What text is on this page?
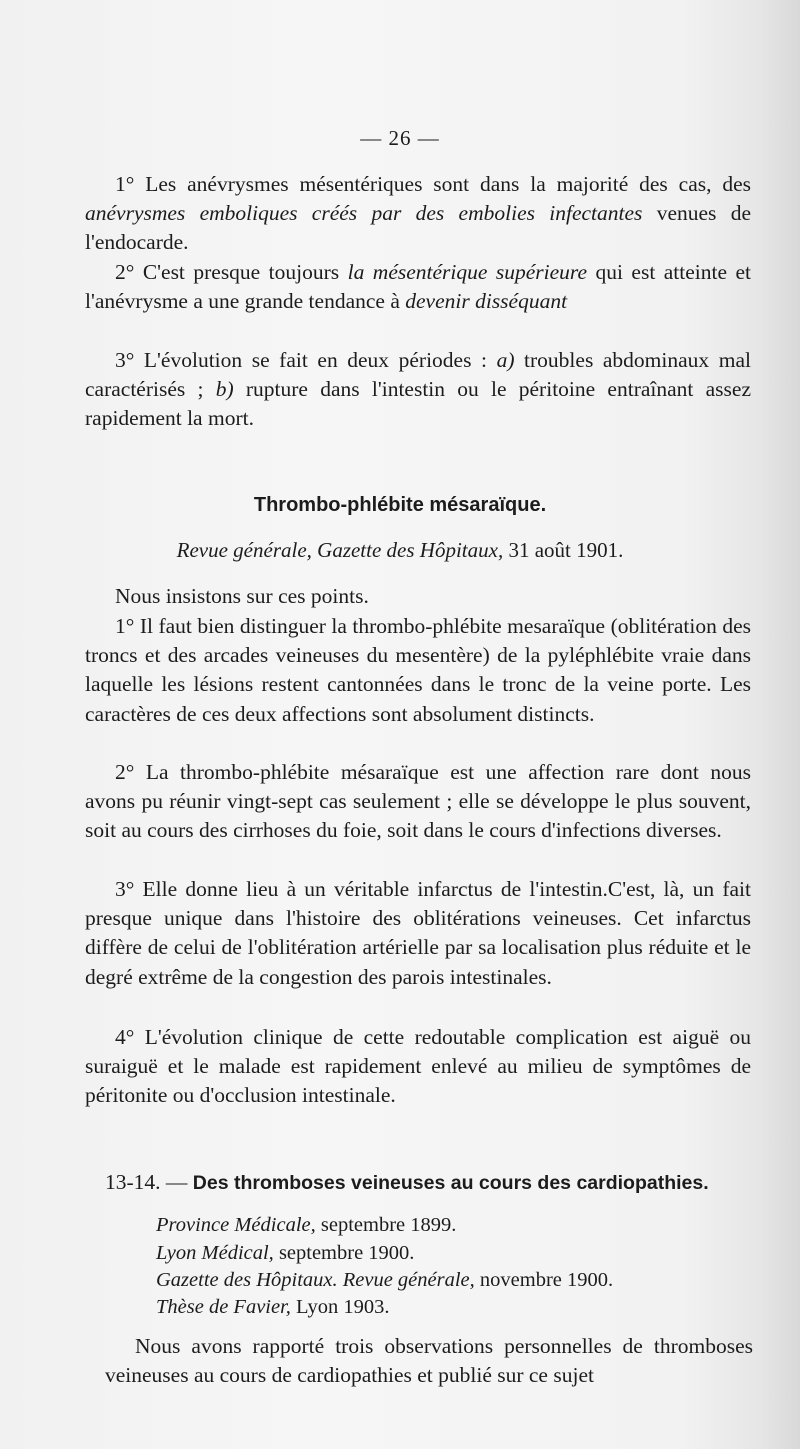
— 26 —

1° Les anévrysmes mésentériques sont dans la majorité des cas, des anévrysmes emboliques créés par des embolies infectantes venues de l'endocarde.

2° C'est presque toujours la mésentérique supérieure qui est atteinte et l'anévrysme a une grande tendance à devenir disséquant

3° L'évolution se fait en deux périodes : a) troubles abdominaux mal caractérisés ; b) rupture dans l'intestin ou le péritoine entraînant assez rapidement la mort.

Thrombo-phlébite mésaraïque.
Revue générale, Gazette des Hôpitaux, 31 août 1901.

Nous insistons sur ces points.

1° Il faut bien distinguer la thrombo-phlébite mesaraïque (oblitération des troncs et des arcades veineuses du mesentère) de la pyléphlébite vraie dans laquelle les lésions restent cantonnées dans le tronc de la veine porte. Les caractères de ces deux affections sont absolument distincts.

2° La thrombo-phlébite mésaraïque est une affection rare dont nous avons pu réunir vingt-sept cas seulement ; elle se développe le plus souvent, soit au cours des cirrhoses du foie, soit dans le cours d'infections diverses.

3° Elle donne lieu à un véritable infarctus de l'intestin.C'est, là, un fait presque unique dans l'histoire des oblitérations veineuses. Cet infarctus diffère de celui de l'oblitération artérielle par sa localisation plus réduite et le degré extrême de la congestion des parois intestinales.

4° L'évolution clinique de cette redoutable complication est aiguë ou suraiguë et le malade est rapidement enlevé au milieu de symptômes de péritonite ou d'occlusion intestinale.

13-14. — Des thromboses veineuses au cours des cardiopathies.
Province Médicale, septembre 1899.
Lyon Médical, septembre 1900.
Gazette des Hôpitaux. Revue générale, novembre 1900.
Thèse de Favier, Lyon 1903.

Nous avons rapporté trois observations personnelles de thromboses veineuses au cours de cardiopathies et publié sur ce sujet
